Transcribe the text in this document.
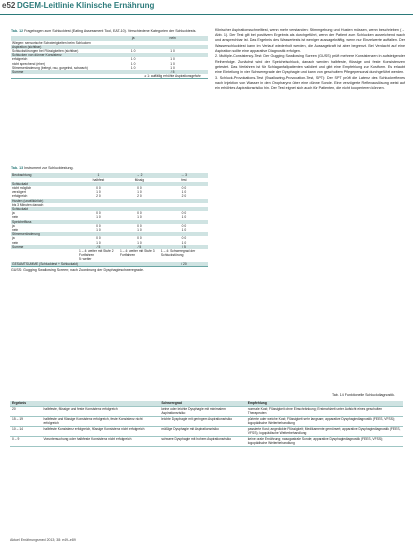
e52 DGEM-Leitlinie Klinische Ernährung
Tab. 12 Fragebogen zum Schlucktest (Eating Assessment Tool, EAT-10). Verschiedene Kategorien der Schlucktests.
	ja	nein
Wiegen: sensorische Schwierigkeiten beim Schlucken		
Aspiration (sichtbar)		
Schluckstörungen bei Flüssigkeiten (sichtbar)	1 0	1 0
Schlucken von dünner Konsistenz		
erfolgreich	1 0	1 0
nicht sprechend (eher)	1 0	1 0
Stimmveränderung (belegt, rau, gurgelnd, schwach)	1 0	1 0
Summe		/ 5
		≥ 1: auffällig erhöhte Aspirationsgefahr
Tab. 13 Instrument zur Schlucktestung.
Beobachtung	1	→ 2	→ 3
	halbfest	flüssig	fest
Schluckakt			
nicht möglich	0 0	0 0	0 0
verzögert	1 0	1 0	1 0
erfolgreich	2 0	2 0	2 0
Husten (unwillkürlich)			
bis 3 Minuten danach			
Schluckakt			
ja	0 0	0 0	0 0
nein	1 0	1 0	1 0
Speichelfluss			
ja	0 0	0 0	0 0
nein	1 0	1 0	1 0
Stimmveränderung			
ja	0 0	0 0	0 0
nein	1 0	1 0	1 0
Summe	/ 5	/ 5	/ 5
	1 – 4: weiter mit Stufe 2 Fortfahren	1 – 4: weiter mit Stufe 3 Fortfahren	1 – 4: Schweregrad der Schluckstörung
	5: weiter		
GESAMTSUMME (Schlucktest + Schluckakt)			/ 20
GUSS: Gugging Swallowing Screen; nach Zuordnung der Dysphagieschweregrade.

Klinischer Aspirationsschnelltest, wenn mehr verstanden: Stimmgebung und Husten müssen, wenn beschrieben (→ Abb. 1). Der Test gilt bei positivem Ergebnis als durchgeführt, wenn der Patient zum Schlucken ausreichend wach und ansprechbar ist. Das Ergebnis des Wassertests ist weniger aussagekräftig, wenn nur Einzelwerte auffallen. Der Wasserschlucktest kann im Verlauf wiederholt werden, die Aussagekraft ist aber begrenzt. Bei Verdacht auf eine Aspiration sollte eine apparative Diagnostik erfolgen.

2. Multiple-Consistency-Test: Der Gugging Swallowing Screen (GUSS) prüft mehrere Konsistenzen in aufsteigender Reihenfolge. Zunächst wird der Speichelschluck, danach werden halbfeste, flüssige und feste Konsistenzen getestet. Das Verfahren ist für Schlaganfallpatienten validiert und gibt eine Empfehlung zur Kostform. Es erlaubt eine Einteilung in vier Schweregrade der Dysphagie und kann von geschultem Pflegepersonal durchgeführt werden.

3. Schluck-Provokations-Test (Swallowing-Provocation-Test, SPT): Der SPT prüft die Latenz des Schluckreflexes nach Injektion von Wasser in den Oropharynx über eine dünne Sonde. Eine verzögerte Reflexauslösung weist auf ein erhöhtes Aspirationsrisiko hin. Der Test eignet sich auch für Patienten, die nicht kooperieren können.

Tab. 14 Funktionelle Schluckdiagnostik.
Ergebnis		Schweregrad	Empfehlung
20	halbfeste, flüssige und feste Konsistenz erfolgreich	keine oder leichte Dysphagie mit minimalem Aspirationsrisiko	normale Kost; Flüssigkeit ohne Einschränkung; Erstmahlzeit unter Aufsicht eines geschulten Therapeuten
15 – 19	halbfeste und flüssige Konsistenz erfolgreich, feste Konsistenz nicht erfolgreich	leichte Dysphagie mit geringem Aspirationsrisiko	pürierte oder weiche Kost; Flüssigkeit sehr langsam; apparative Dysphagiediagnostik (FEES, VFSS); logopädische Weiterbehandlung
10 – 14	halbfeste Konsistenz erfolgreich, flüssige Konsistenz nicht erfolgreich	mäßige Dysphagie mit Aspirationsrisiko	passierte Kost; angedickte Flüssigkeit; Medikamente gemörsert; apparative Dysphagiediagnostik (FEES, VFSS); logopädische Weiterbehandlung
0 – 9	Voruntersuchung oder halbfeste Konsistenz nicht erfolgreich	schwere Dysphagie mit hohem Aspirationsrisiko	keine orale Ernährung; nasogastrale Sonde; apparative Dysphagiediagnostik (FEES, VFSS); logopädische Weiterbehandlung
Aktuel Ernährungsmed 2013; 38: e49–e89
